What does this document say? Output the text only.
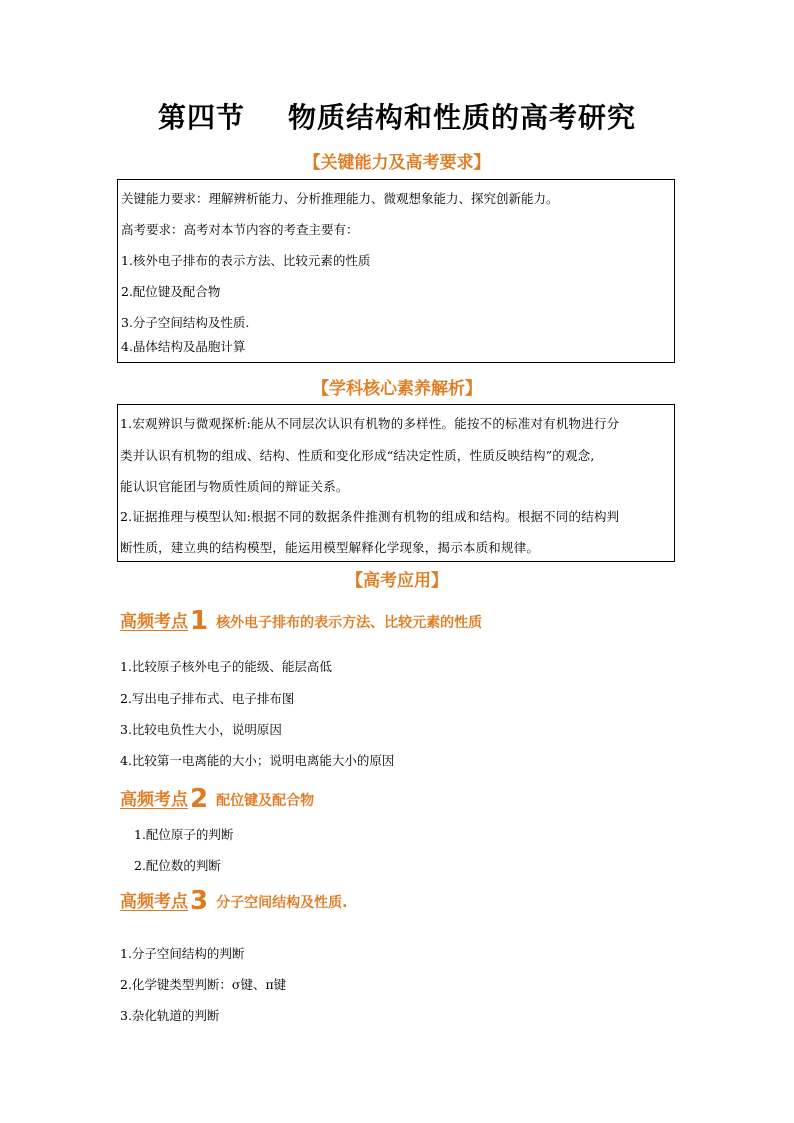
第四节    物质结构和性质的高考研究
【关键能力及高考要求】
关键能力要求：理解辨析能力、分析推理能力、微观想象能力、探究创新能力。
高考要求：高考对本节内容的考查主要有：
1.核外电子排布的表示方法、比较元素的性质
2.配位键及配合物
3.分子空间结构及性质.
4.晶体结构及晶胞计算
【学科核心素养解析】
1.宏观辨识与微观探析:能从不同层次认识有机物的多样性。能按不的标准对有机物进行分
类并认识有机物的组成、结构、性质和变化形成“结决定性质，性质反映结构”的观念,
能认识官能团与物质性质间的辩证关系。
2.证据推理与模型认知:根据不同的数据条件推测有机物的组成和结构。根据不同的结构判
断性质，建立典的结构模型，能运用模型解释化学现象，揭示本质和规律。
【高考应用】
高频考点1 核外电子排布的表示方法、比较元素的性质
1.比较原子核外电子的能级、能层高低
2.写出电子排布式、电子排布图
3.比较电负性大小，说明原因
4.比较第一电离能的大小；说明电离能大小的原因
高频考点2 配位键及配合物
1.配位原子的判断
2.配位数的判断
高频考点3 分子空间结构及性质.
1.分子空间结构的判断
2.化学键类型判断：σ键、π键
3.杂化轨道的判断
